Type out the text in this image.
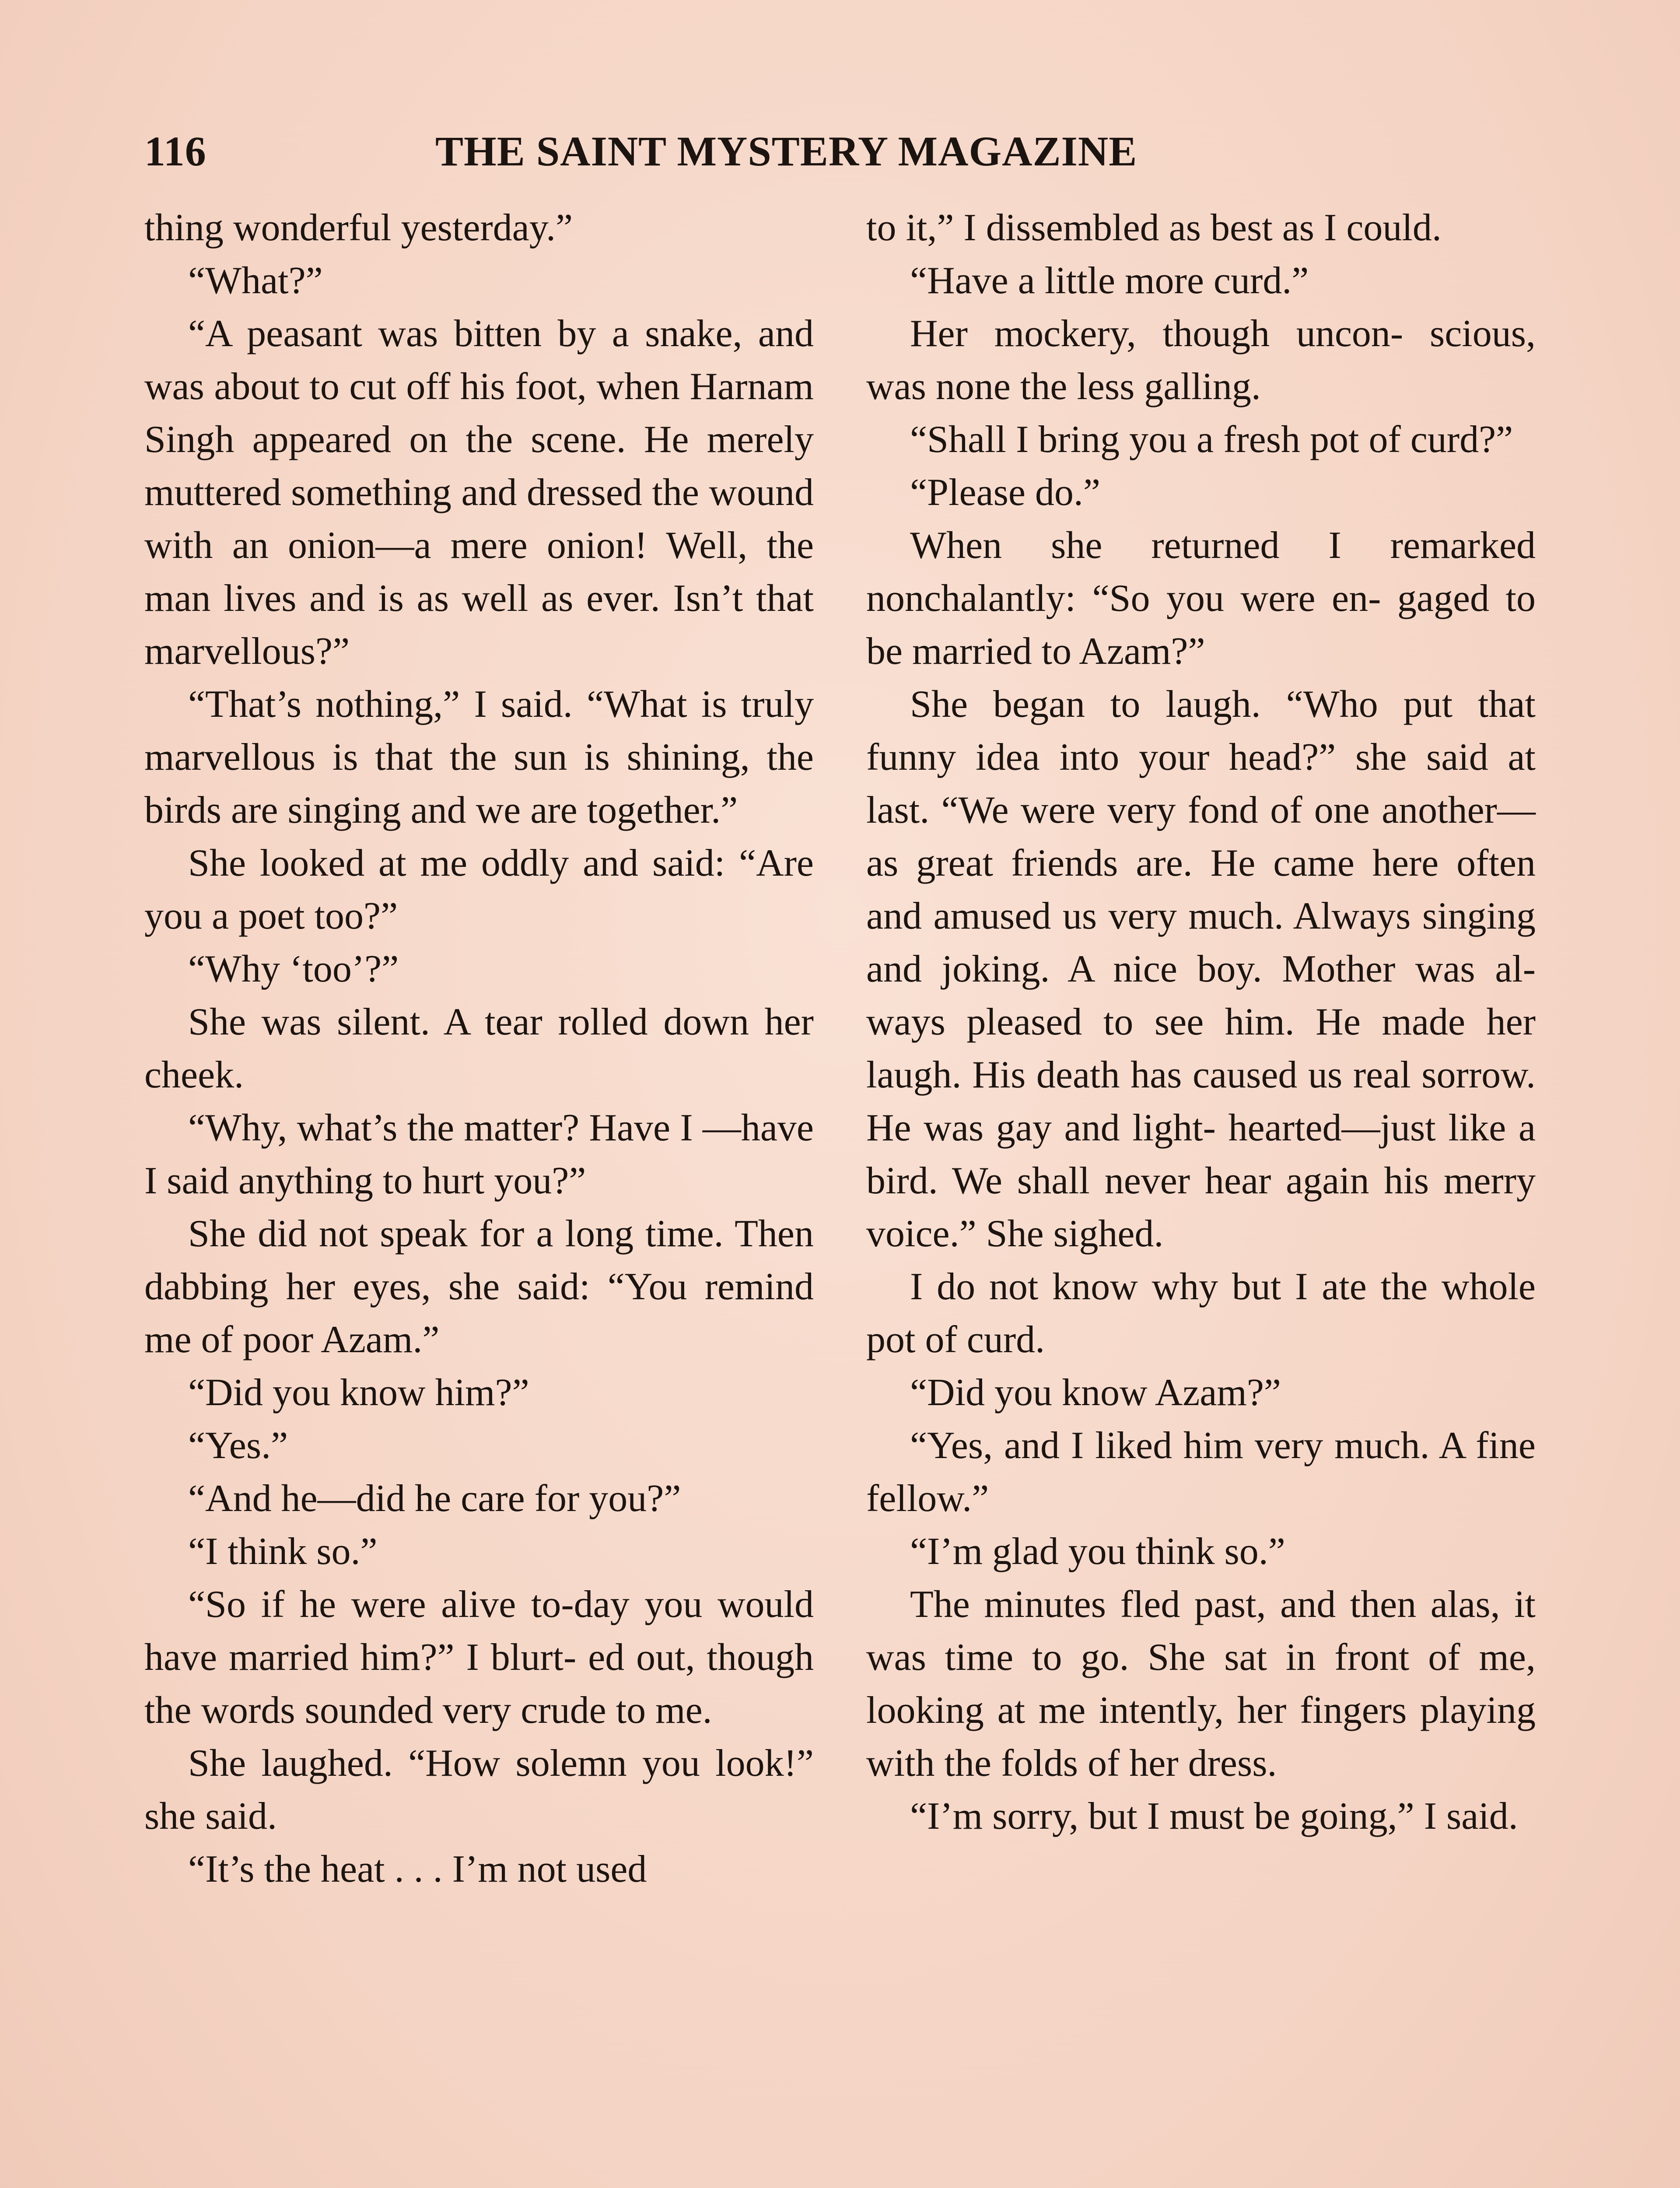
116	THE SAINT MYSTERY MAGAZINE

thing wonderful yesterday.”

“What?”

“A peasant was bitten by a snake, and was about to cut off his foot, when Harnam Singh appeared on the scene. He merely muttered something and dressed the wound with an onion—a mere onion! Well, the man lives and is as well as ever. Isn’t that marvellous?”

“That’s nothing,” I said. “What is truly marvellous is that the sun is shining, the birds are singing and we are together.”

She looked at me oddly and said: “Are you a poet too?”

“Why ‘too’?”

She was silent. A tear rolled down her cheek.

“Why, what’s the matter? Have I —have I said anything to hurt you?”

She did not speak for a long time. Then dabbing her eyes, she said: “You remind me of poor Azam.”

“Did you know him?”

“Yes.”

“And he—did he care for you?”

“I think so.”

“So if he were alive to-day you would have married him?” I blurt- ed out, though the words sounded very crude to me.

She laughed. “How solemn you look!” she said.

“It’s the heat . . . I’m not used

to it,” I dissembled as best as I could.

“Have a little more curd.”

Her mockery, though uncon- scious, was none the less galling.

“Shall I bring you a fresh pot of curd?”

“Please do.”

When she returned I remarked nonchalantly: “So you were en- gaged to be married to Azam?”

She began to laugh. “Who put that funny idea into your head?” she said at last. “We were very fond of one another—as great friends are. He came here often and amused us very much. Always singing and joking. A nice boy. Mother was al- ways pleased to see him. He made her laugh. His death has caused us real sorrow. He was gay and light- hearted—just like a bird. We shall never hear again his merry voice.” She sighed.

I do not know why but I ate the whole pot of curd.

“Did you know Azam?”

“Yes, and I liked him very much. A fine fellow.”

“I’m glad you think so.”

The minutes fled past, and then alas, it was time to go. She sat in front of me, looking at me intently, her fingers playing with the folds of her dress.

“I’m sorry, but I must be going,” I said.
